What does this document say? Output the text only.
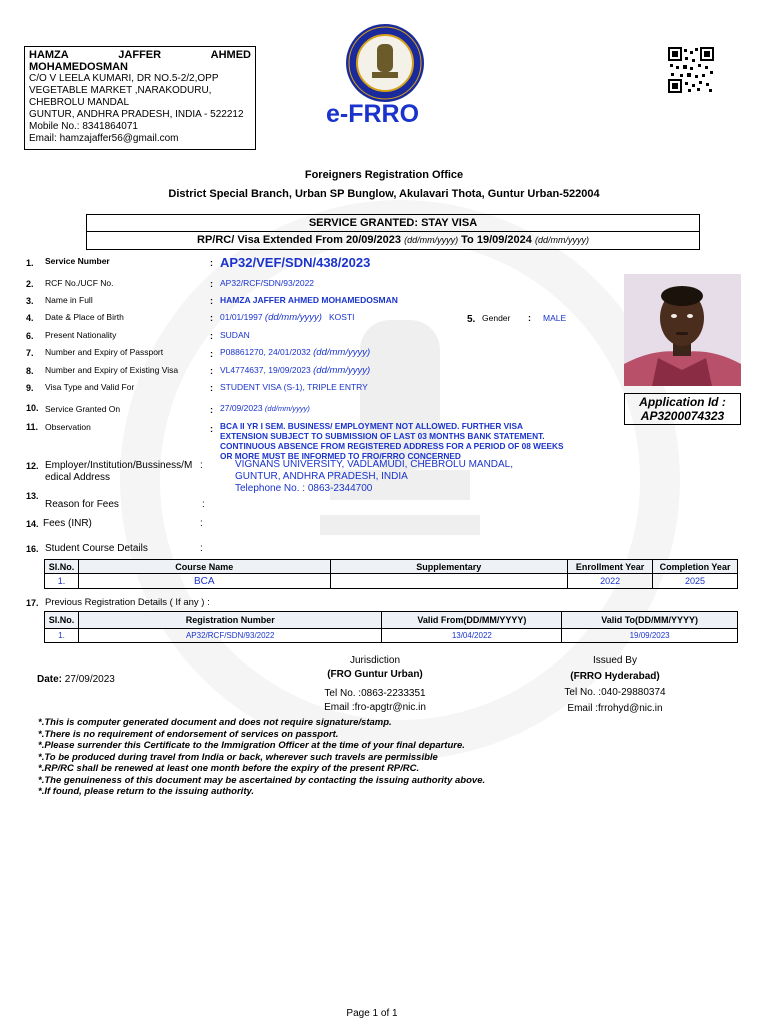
HAMZA	JAFFER	AHMED
MOHAMEDOSMAN
C/O V LEELA KUMARI, DR NO.5-2/2,OPP
VEGETABLE MARKET ,NARAKODURU,
CHEBROLU MANDAL
GUNTUR, ANDHRA PRADESH, INDIA - 522212
Mobile No.: 8341864071
Email: hamzajaffer56@gmail.com
e-FRRO
Foreigners Registration Office
District Special Branch, Urban SP Bunglow, Akulavari Thota, Guntur Urban-522004
SERVICE GRANTED: STAY VISA
RP/RC/ Visa Extended From 20/09/2023 (dd/mm/yyyy) To 19/09/2024 (dd/mm/yyyy)
1. Service Number	: AP32/VEF/SDN/438/2023
2. RCF No./UCF No.	: AP32/RCF/SDN/93/2022
3. Name in Full	: HAMZA JAFFER AHMED MOHAMEDOSMAN
4. Date & Place of Birth	: 01/01/1997 (dd/mm/yyyy) KOSTI	5. Gender : MALE
6. Present Nationality	: SUDAN
7. Number and Expiry of Passport	: P08861270, 24/01/2032 (dd/mm/yyyy)
8. Number and Expiry of Existing Visa	: VL4774637, 19/09/2023 (dd/mm/yyyy)
9. Visa Type and Valid For	: STUDENT VISA (S-1), TRIPLE ENTRY
10. Service Granted On	: 27/09/2023 (dd/mm/yyyy)
11. Observation	: BCA II YR I SEM. BUSINESS/ EMPLOYMENT NOT ALLOWED. FURTHER VISA
EXTENSION SUBJECT TO SUBMISSION OF LAST 03 MONTHS BANK STATEMENT.
CONTINUOUS ABSENCE FROM REGISTERED ADDRESS FOR A PERIOD OF 08 WEEKS
OR MORE MUST BE INFORMED TO FRO/FRRO CONCERNED
12. Employer/Institution/Bussiness/M
edical Address
:	VIGNANS UNIVERSITY, VADLAMUDI, CHEBROLU MANDAL,
GUNTUR, ANDHRA PRADESH, INDIA
Telephone No. : 0863-2344700
13.
Reason for Fees	:
14. Fees (INR)	:
16. Student Course Details	:
Application Id :
AP3200074323
Sl.No.	Course Name	Supplementary	Enrollment Year	Completion Year
1.	BCA		2022	2025
17. Previous Registration Details ( If any ) :
Sl.No.	Registration Number	Valid From(DD/MM/YYYY)	Valid To(DD/MM/YYYY)
1.	AP32/RCF/SDN/93/2022	13/04/2022	19/09/2023
Jurisdiction
(FRO Guntur Urban)
Tel No. :0863-2233351
Email :fro-apgtr@nic.in
Issued By
(FRRO Hyderabad)
Tel No. :040-29880374
Email :frrohyd@nic.in
Date: 27/09/2023
*.This is computer generated document and does not require signature/stamp.
*.There is no requirement of endorsement of services on passport.
*.Please surrender this Certificate to the Immigration Officer at the time of your final departure.
*.To be produced during travel from India or back, wherever such travels are permissible
*.RP/RC shall be renewed at least one month before the expiry of the present RP/RC.
*.The genuineness of this document may be ascertained by contacting the issuing authority above.
*.If found, please return to the issuing authority.
Page 1 of 1
